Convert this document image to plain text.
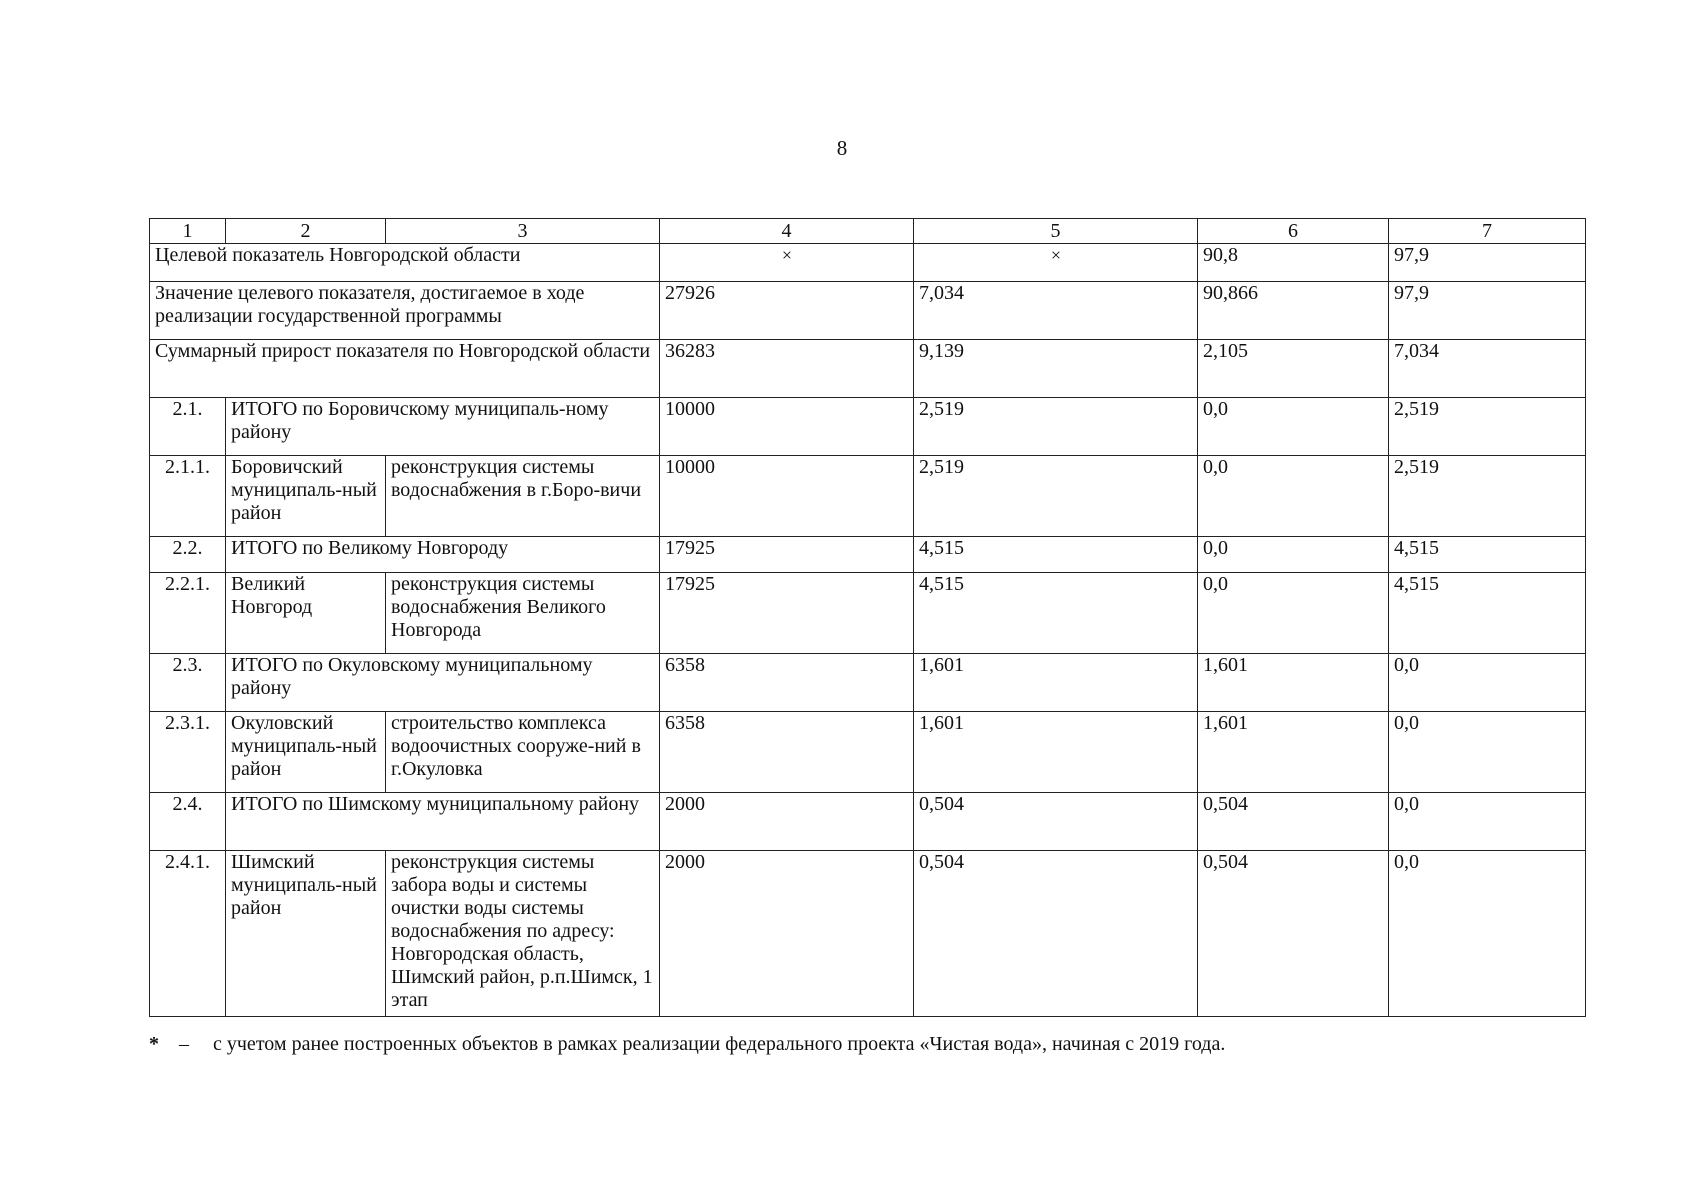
8
1	2	3	4	5	6	7
Целевой показатель Новгородской области			×	×	90,8	97,9
Значение целевого показателя, достигаемое в ходе реализации государственной программы			27926	7,034	90,866	97,9
Суммарный прирост показателя по Новгородской области			36283	9,139	2,105	7,034
2.1.	ИТОГО по Боровичскому муниципаль-ному району		10000	2,519	0,0	2,519
2.1.1.	Боровичский муниципаль-ный район	реконструкция системы водоснабжения в г.Боро-вичи	10000	2,519	0,0	2,519
2.2.	ИТОГО по Великому Новгороду		17925	4,515	0,0	4,515
2.2.1.	Великий Новгород	реконструкция системы водоснабжения Великого Новгорода	17925	4,515	0,0	4,515
2.3.	ИТОГО по Окуловскому муниципальному району		6358	1,601	1,601	0,0
2.3.1.	Окуловский муниципаль-ный район	строительство комплекса водоочистных сооруже-ний в г.Окуловка	6358	1,601	1,601	0,0
2.4.	ИТОГО по Шимскому муниципальному району		2000	0,504	0,504	0,0
2.4.1.	Шимский муниципаль-ный район	реконструкция системы забора воды и системы очистки воды системы водоснабжения по адресу: Новгородская область, Шимский район, р.п.Шимск, 1 этап	2000	0,504	0,504	0,0
* – с учетом ранее построенных объектов в рамках реализации федерального проекта «Чистая вода», начиная с 2019 года.
